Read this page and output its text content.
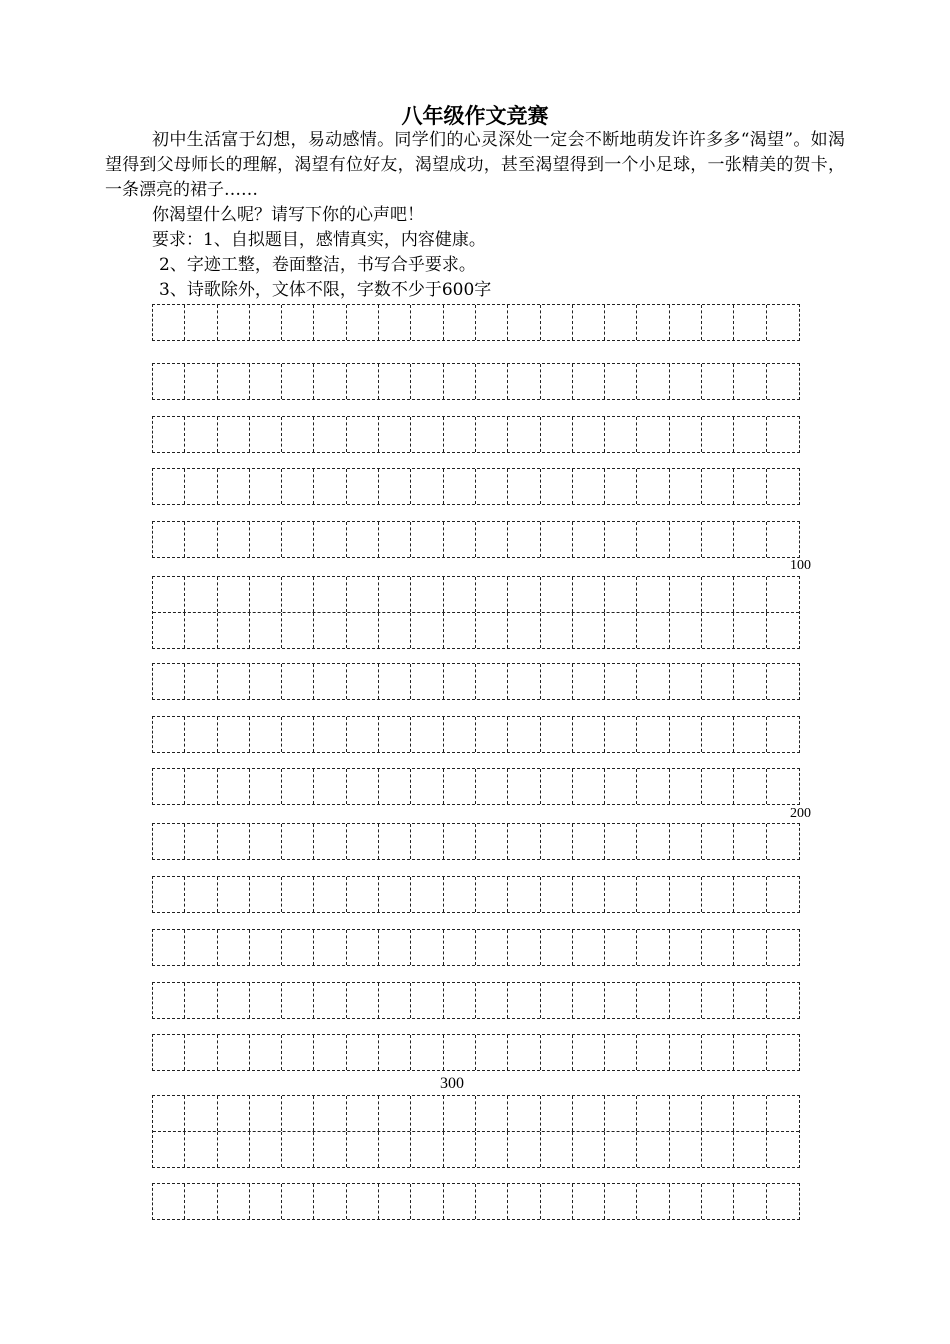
八年级作文竞赛

初中生活富于幻想，易动感情。同学们的心灵深处一定会不断地萌发许许多多“渴望”。如渴望得到父母师长的理解，渴望有位好友，渴望成功，甚至渴望得到一个小足球，一张精美的贺卡，一条漂亮的裙子……

你渴望什么呢？请写下你的心声吧！

要求：1、自拟题目，感情真实，内容健康。

2、字迹工整，卷面整洁，书写合乎要求。

3、诗歌除外，文体不限，字数不少于600字

100
200
300
